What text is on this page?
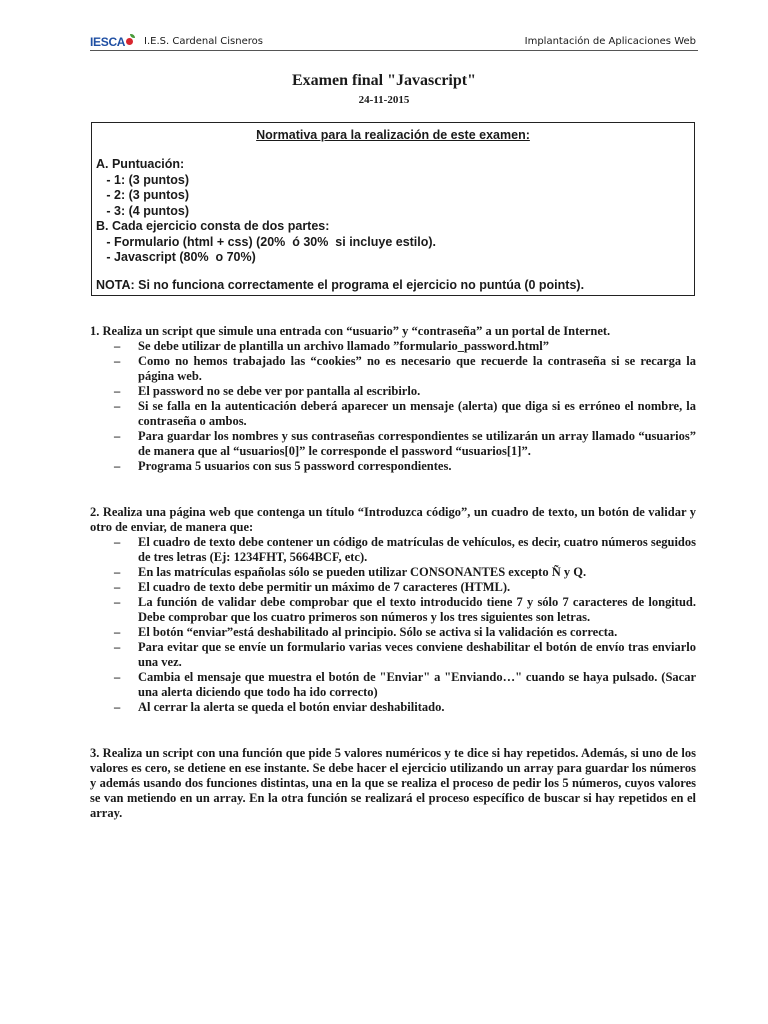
IESCA	I.E.S. Cardenal Cisneros	Implantación de Aplicaciones Web
Examen final "Javascript"
24-11-2015
Normativa para la realización de este examen:
A. Puntuación:
- 1: (3 puntos)
- 2: (3 puntos)
- 3: (4 puntos)
B. Cada ejercicio consta de dos partes:
- Formulario (html + css) (20%  ó 30%  si incluye estilo).
- Javascript (80%  o 70%)
NOTA: Si no funciona correctamente el programa el ejercicio no puntúa (0 points).
1. Realiza un script que simule una entrada con “usuario” y “contraseña” a un portal de Internet.
– Se debe utilizar de plantilla un archivo llamado ”formulario_password.html”
– Como no hemos trabajado las “cookies” no es necesario que recuerde la contraseña si se recarga la página web.
– El password no se debe ver por pantalla al escribirlo.
– Si se falla en la autenticación deberá aparecer un mensaje (alerta) que diga si es erróneo el nombre, la contraseña o ambos.
– Para guardar los nombres y sus contraseñas correspondientes se utilizarán un array llamado “usuarios” de manera que al “usuarios[0]” le corresponde el password “usuarios[1]”.
– Programa 5 usuarios con sus 5 password correspondientes.
2. Realiza una página web que contenga un título “Introduzca código”, un cuadro de texto, un botón de validar y otro de enviar, de manera que:
– El cuadro de texto debe contener un código de matrículas de vehículos, es decir, cuatro números seguidos de tres letras (Ej: 1234FHT, 5664BCF, etc).
– En las matrículas españolas sólo se pueden utilizar CONSONANTES excepto Ñ y Q.
– El cuadro de texto debe permitir un máximo de 7 caracteres (HTML).
– La función de validar debe comprobar que el texto introducido tiene 7 y sólo 7 caracteres de longitud. Debe comprobar que los cuatro primeros son números y los tres siguientes son letras.
– El botón “enviar”está deshabilitado al principio. Sólo se activa si la validación es correcta.
– Para evitar que se envíe un formulario varias veces conviene deshabilitar el botón de envío tras enviarlo una vez.
– Cambia el mensaje que muestra el botón de "Enviar" a "Enviando…" cuando se haya pulsado. (Sacar una alerta diciendo que todo ha ido correcto)
– Al cerrar la alerta se queda el botón enviar deshabilitado.
3. Realiza un script con una función que pide 5 valores numéricos y te dice si hay repetidos. Además, si uno de los valores es cero, se detiene en ese instante. Se debe hacer el ejercicio utilizando un array para guardar los números y además usando dos funciones distintas, una en la que se realiza el proceso de pedir los 5 números, cuyos valores se van metiendo en un array. En la otra función se realizará el proceso específico de buscar si hay repetidos en el array.
